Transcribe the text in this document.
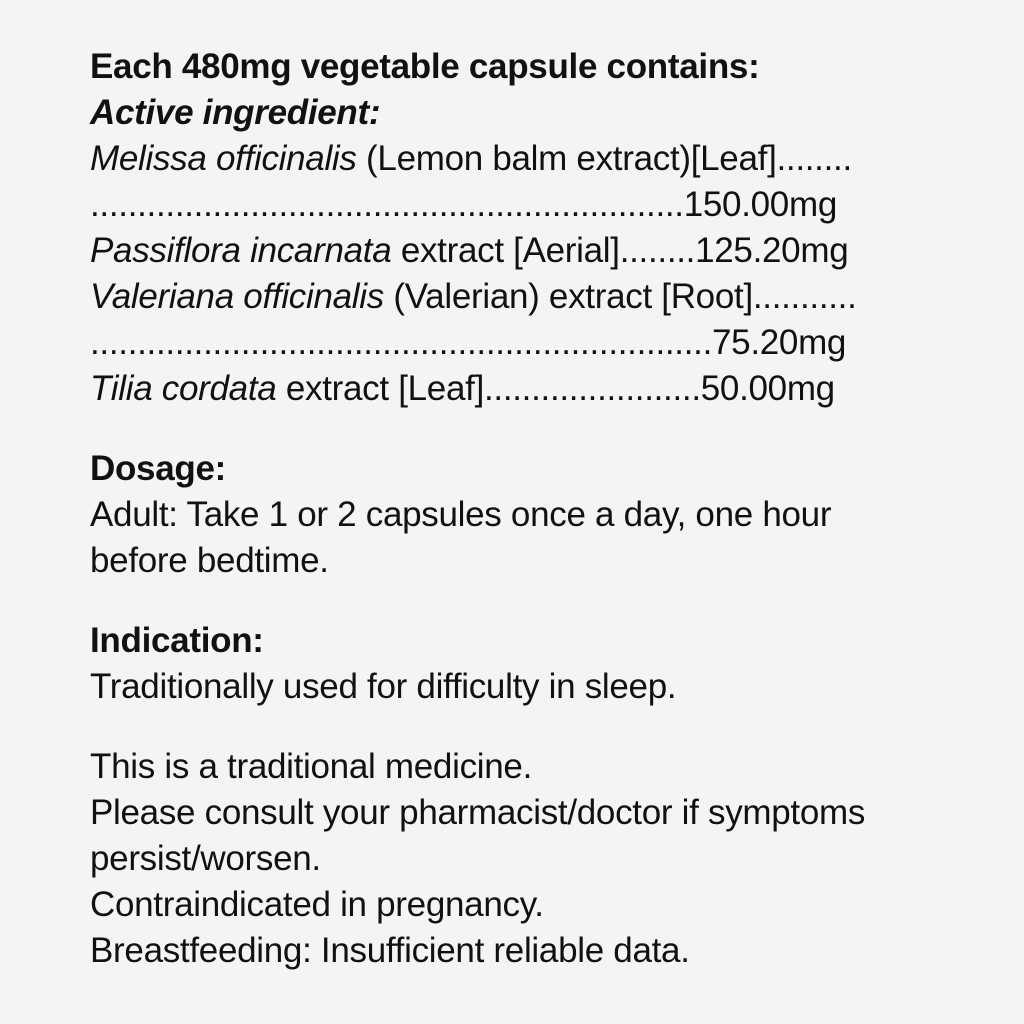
Each 480mg vegetable capsule contains:
Active ingredient:
Melissa officinalis (Lemon balm extract)[Leaf]........
...............................................................150.00mg
Passiflora incarnata extract [Aerial]........125.20mg
Valeriana officinalis (Valerian) extract [Root]...........
..................................................................75.20mg
Tilia cordata extract [Leaf].......................50.00mg
Dosage:
Adult: Take 1 or 2 capsules once a day, one hour
before bedtime.
Indication:
Traditionally used for difficulty in sleep.
This is a traditional medicine.
Please consult your pharmacist/doctor if symptoms
persist/worsen.
Contraindicated in pregnancy.
Breastfeeding: Insufficient reliable data.
